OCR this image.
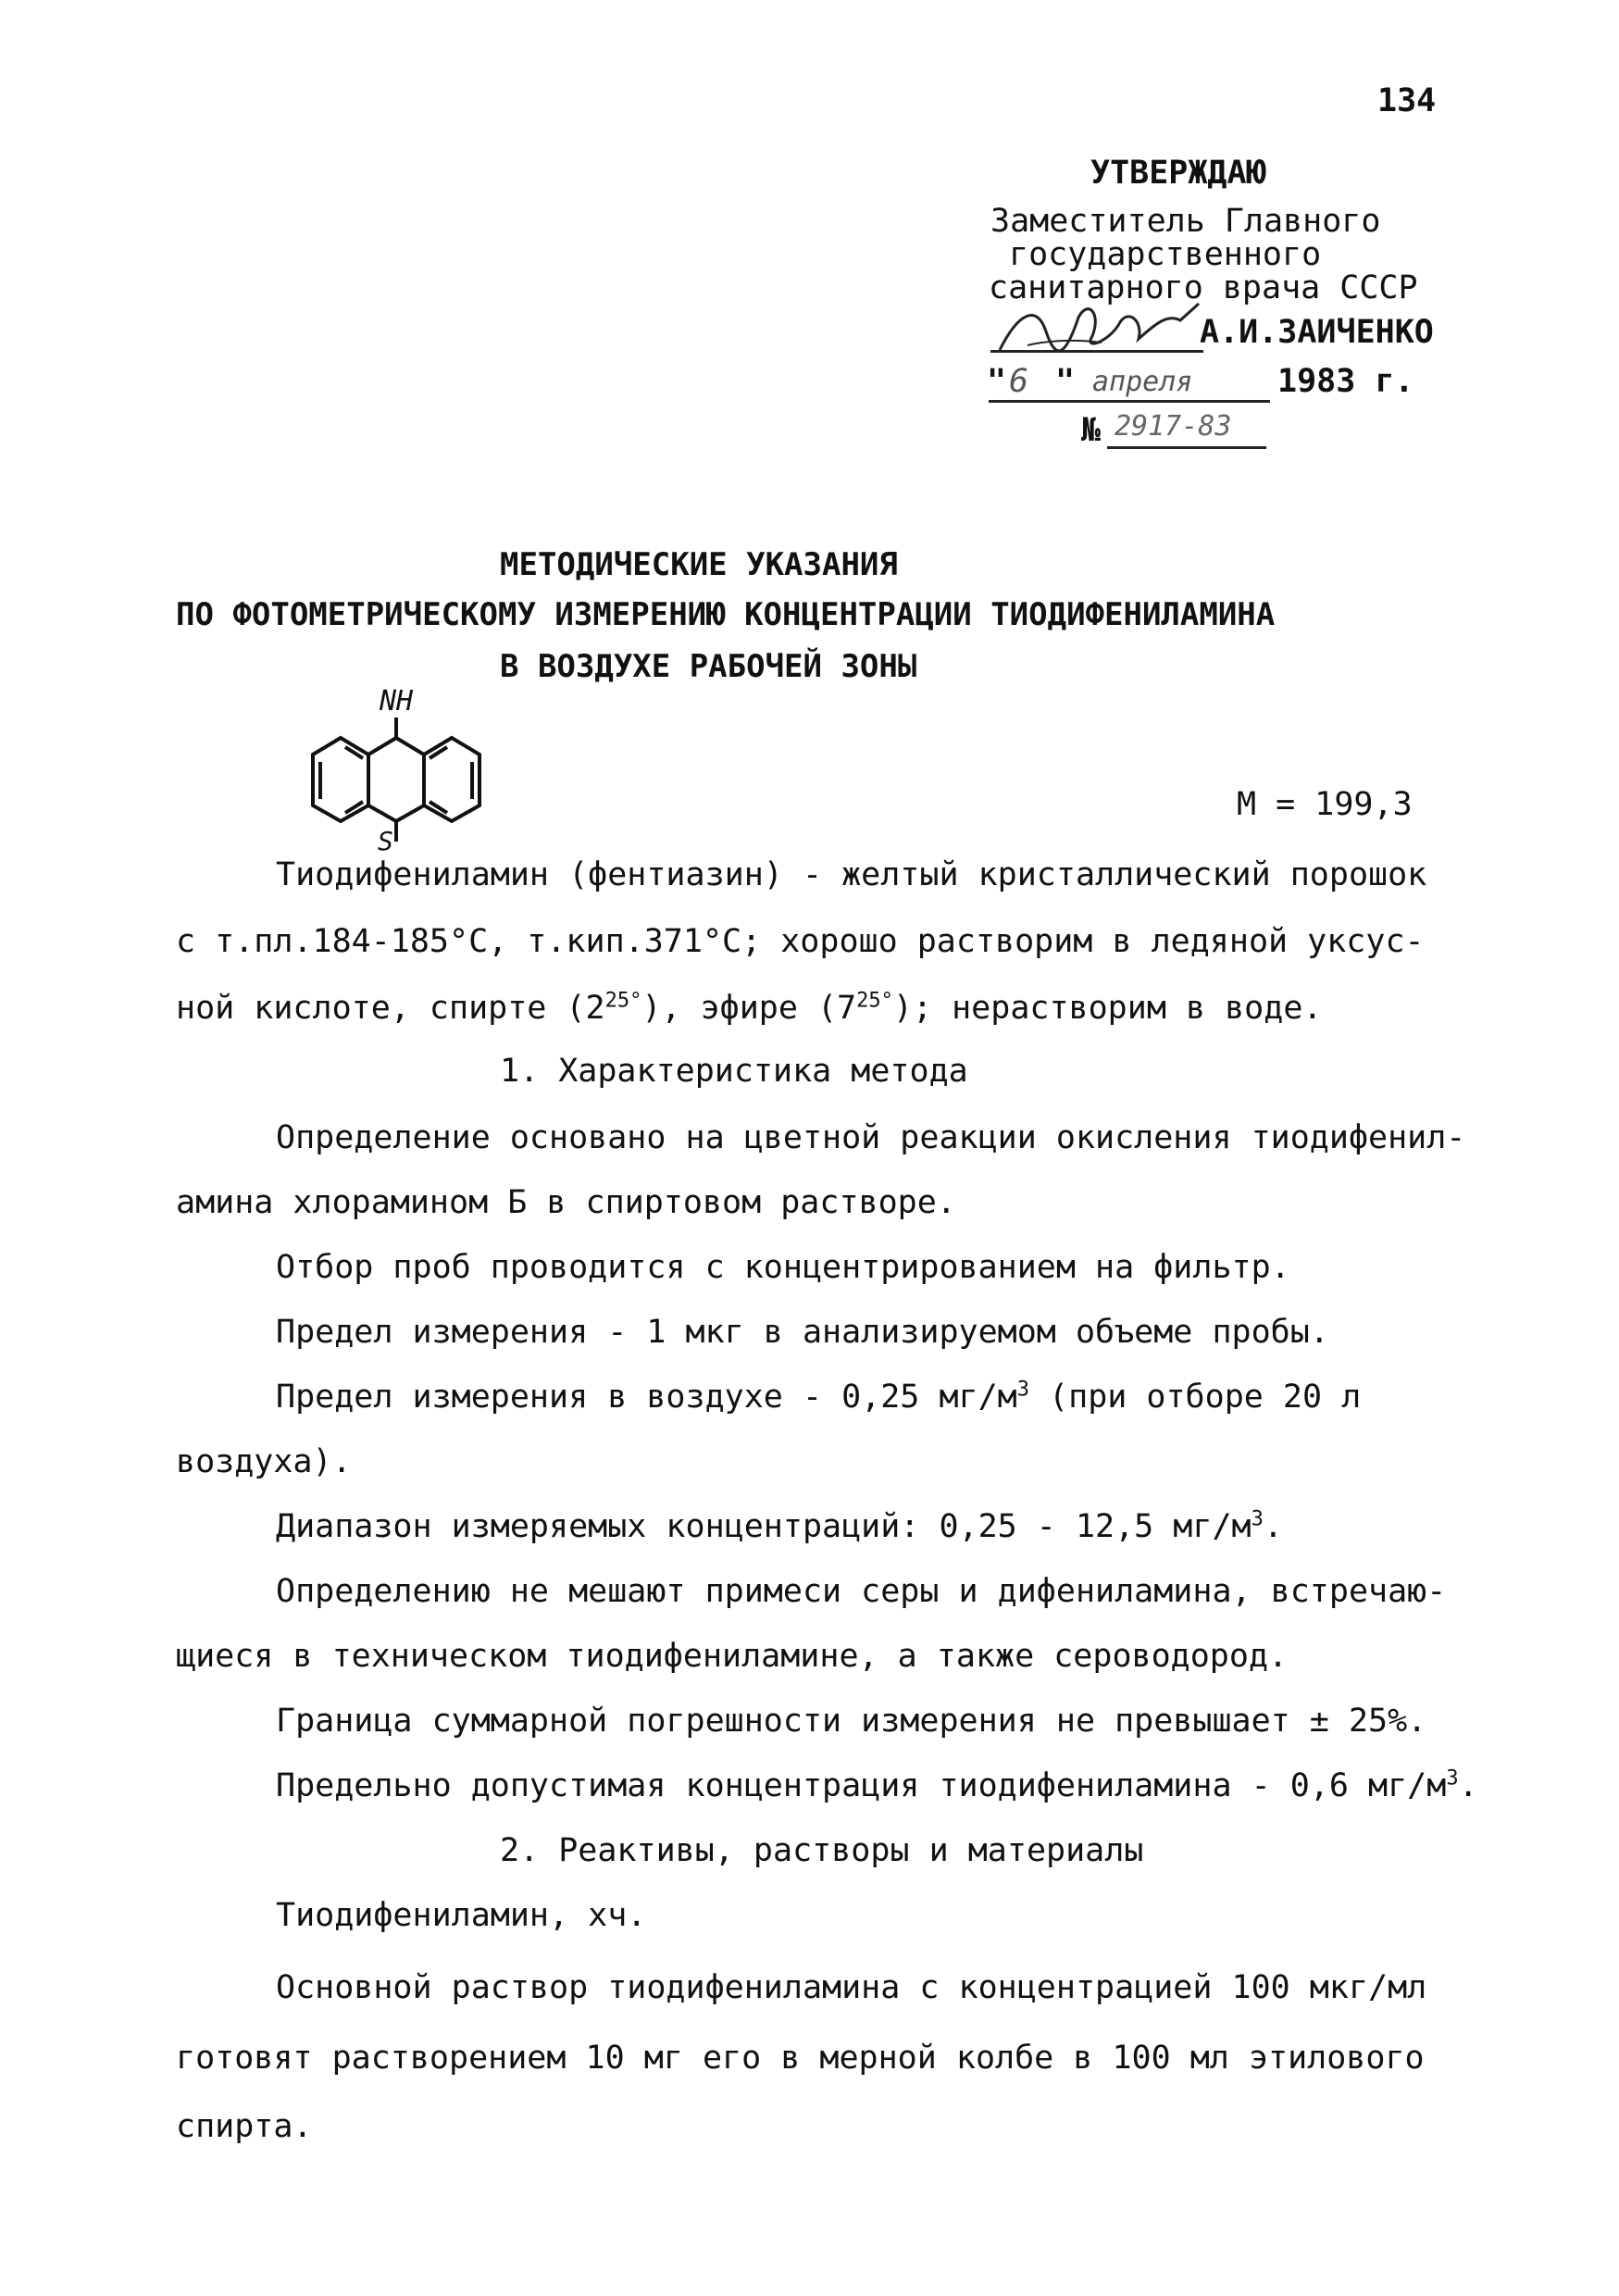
134
УТВЕРЖДАЮ
Заместитель Главного
государственного
санитарного врача СССР
А.И.ЗАИЧЕНКО
" 6 " апреля	1983 г.
№ 2917-83
МЕТОДИЧЕСКИЕ УКАЗАНИЯ
ПО ФОТОМЕТРИЧЕСКОМУ ИЗМЕРЕНИЮ КОНЦЕНТРАЦИИ ТИОДИФЕНИЛАМИНА
В ВОЗДУХЕ РАБОЧЕЙ ЗОНЫ
NH
S
М = 199,3
Тиодифениламин (фентиазин) - желтый кристаллический порошок
с т.пл.184-185°С, т.кип.371°С; хорошо растворим в ледяной уксус-
ной кислоте, спирте $(2^{25^\circ})$, эфире $(7^{25^\circ})$; нерастворим в воде.
1. Характеристика метода
Определение основано на цветной реакции окисления тиодифенил-
амина хлорамином Б в спиртовом растворе.
Отбор проб проводится с концентрированием на фильтр.
Предел измерения - 1 мкг в анализируемом объеме пробы.
Предел измерения в воздухе - 0,25 $мг/м^3$ (при отборе 20 л
воздуха).
Диапазон измеряемых концентраций: 0,25 - 12,5 $мг/м^3$.
Определению не мешают примеси серы и дифениламина, встречаю-
щиеся в техническом тиодифениламине, а также сероводород.
Граница суммарной погрешности измерения не превышает ± 25%.
Предельно допустимая концентрация тиодифениламина - 0,6 $мг/м^3$.
2. Реактивы, растворы и материалы
Тиодифениламин, хч.
Основной раствор тиодифениламина с концентрацией 100 мкг/мл
готовят растворением 10 мг его в мерной колбе в 100 мл этилового
спирта.
